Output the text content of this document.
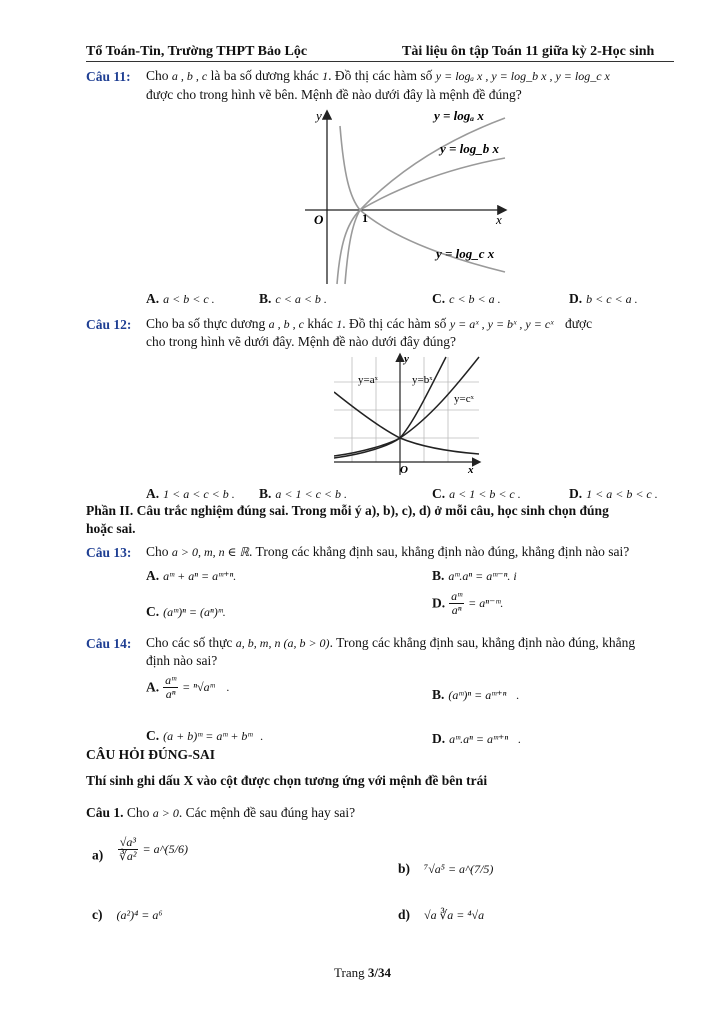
Tổ Toán-Tin, Trường THPT Bảo Lộc	Tài liệu ôn tập Toán 11 giữa kỳ 2-Học sinh
Câu 11: Cho a , b , c là ba số dương khác 1. Đồ thị các hàm số y = logₐ x , y = log_b x , y = log_c x
được cho trong hình vẽ bên. Mệnh đề nào dưới đây là mệnh đề đúng?
y
x
O	1
y = logₐ x
y = log_b x
y = log_c x
A. a < b < c .	B. c < a < b .	C. c < b < a .	D. b < c < a .
Câu 12: Cho ba số thực dương a , b , c khác 1. Đồ thị các hàm số y = aˣ , y = bˣ , y = cˣ được
cho trong hình vẽ dưới đây. Mệnh đề nào dưới đây đúng?
y
x
O
y=aˣ	y=bˣ
y=cˣ
A. 1 < a < c < b . B. a < 1 < c < b .	C. a < 1 < b < c .	D. 1 < a < b < c .
Phần II. Câu trắc nghiệm đúng sai. Trong mỗi ý a), b), c), d) ở mỗi câu, học sinh chọn đúng
hoặc sai.
Câu 13: Cho a > 0, m, n ∈ ℝ. Trong các khẳng định sau, khẳng định nào đúng, khẳng định nào sai?
A. aᵐ + aⁿ = aᵐ⁺ⁿ.	B. aᵐ.aⁿ = aᵐ⁻ⁿ. i
C. (aᵐ)ⁿ = (aⁿ)ᵐ.
D. $\frac{\text{aᵐ}}{\text{aⁿ}}$ = aⁿ⁻ᵐ.
Câu 14: Cho các số thực a, b, m, n (a, b > 0). Trong các khẳng định sau, khẳng định nào đúng, khẳng
định nào sai?
A. $\frac{\text{aᵐ}}{\text{aⁿ}}$ = ⁿ√aᵐ .	B. (aᵐ)ⁿ = aᵐ⁺ⁿ .
C. (a + b)ᵐ = aᵐ + bᵐ .	D. aᵐ.aⁿ = aᵐ⁺ⁿ .
CÂU HỎI ĐÚNG-SAI
Thí sinh ghi dấu X vào cột được chọn tương ứng với mệnh đề bên trái
Câu 1. Cho a > 0. Các mệnh đề sau đúng hay sai?
$a) \frac{\text{√a³}}{\text{∛a²}}$ = a^(5/6)
b) ⁷√a⁵ = a^(7/5)
c) (a²)⁴ = a⁶	d) √a ∛a = ⁴√a
Trang 3/34
